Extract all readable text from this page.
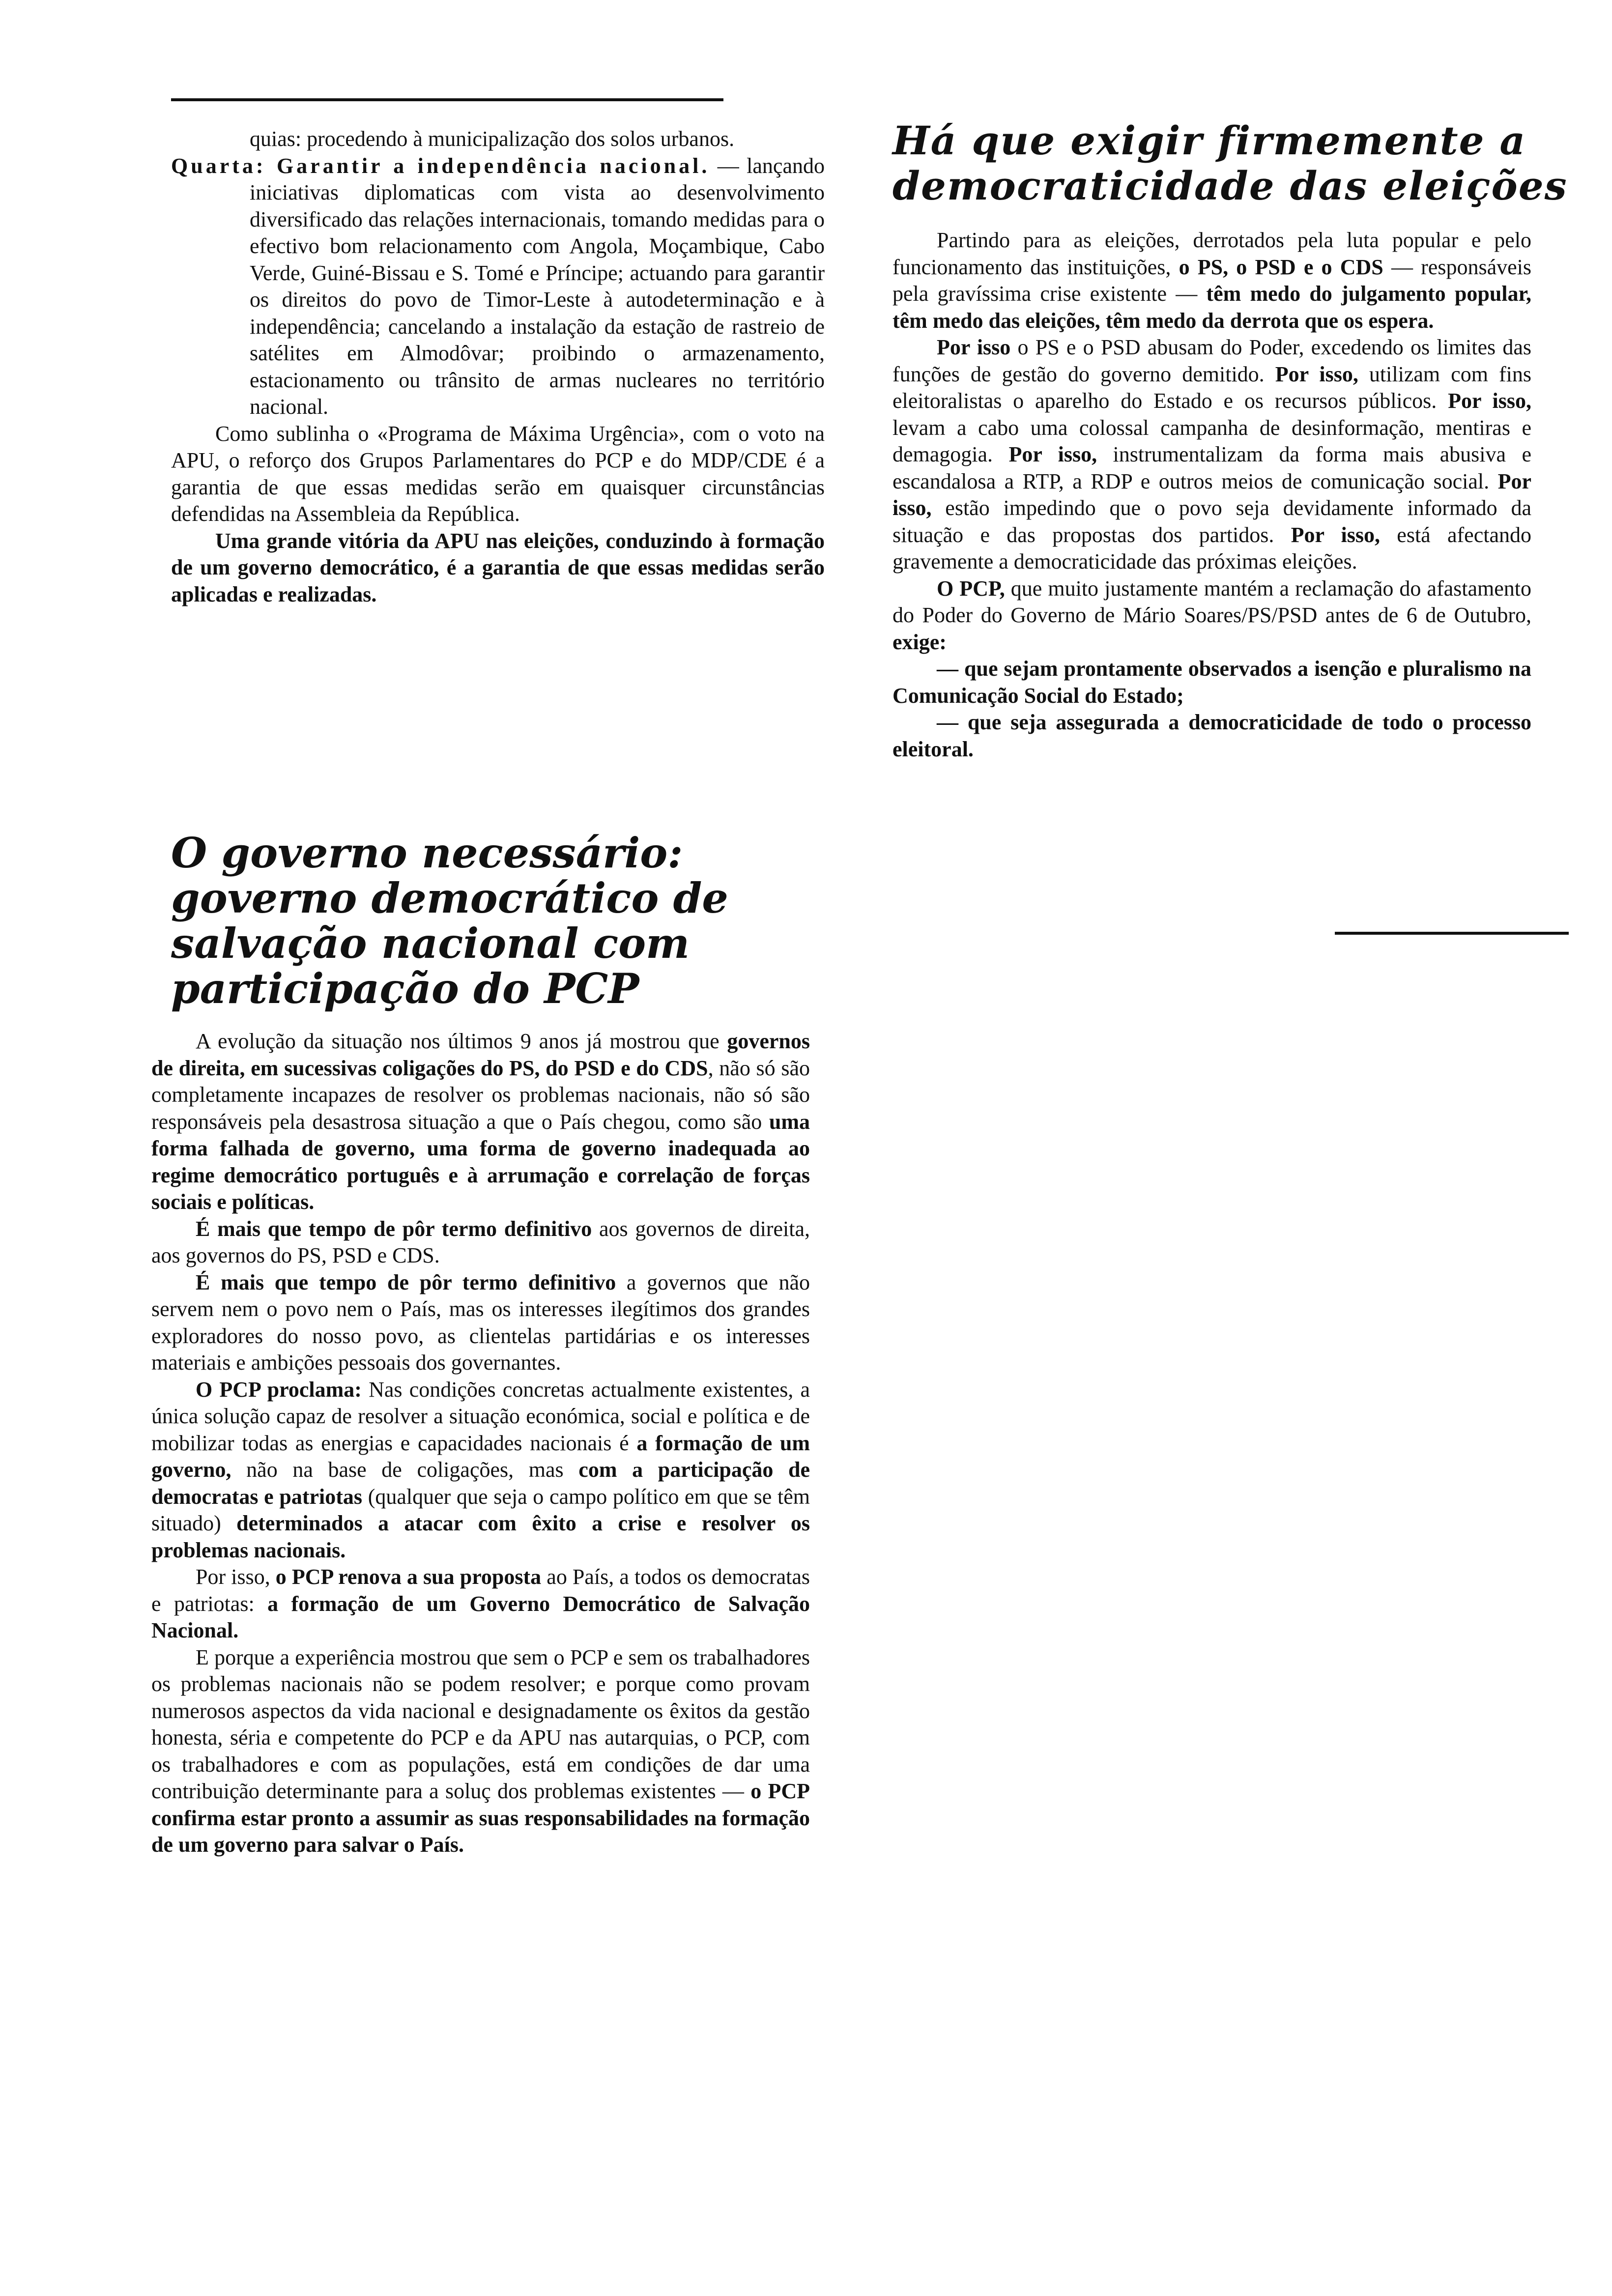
quias: procedendo à municipalização dos solos urbanos.

Quarta: Garantir a independência nacional. — lançando iniciativas diplomaticas com vista ao desenvolvimento diversificado das relações internacionais, tomando medidas para o efectivo bom relacionamento com Angola, Moçambique, Cabo Verde, Guiné-Bissau e S. Tomé e Príncipe; actuando para garantir os direitos do povo de Timor-Leste à autodeterminação e à independência; cancelando a instalação da estação de rastreio de satélites em Almodôvar; proibindo o armazenamento, estacionamento ou trânsito de armas nucleares no território nacional.

Como sublinha o «Programa de Máxima Urgência», com o voto na APU, o reforço dos Grupos Parlamentares do PCP e do MDP/CDE é a garantia de que essas medidas serão em quaisquer circunstâncias defendidas na Assembleia da República.

Uma grande vitória da APU nas eleições, conduzindo à formação de um governo democrático, é a garantia de que essas medidas serão aplicadas e realizadas.

O governo necessário: governo democrático de salvação nacional com participação do PCP

A evolução da situação nos últimos 9 anos já mostrou que governos de direita, em sucessivas coligações do PS, do PSD e do CDS, não só são completamente incapazes de resolver os problemas nacionais, não só são responsáveis pela desastrosa situação a que o País chegou, como são uma forma falhada de governo, uma forma de governo inadequada ao regime democrático português e à arrumação e correlação de forças sociais e políticas.

É mais que tempo de pôr termo definitivo aos governos de direita, aos governos do PS, PSD e CDS.

É mais que tempo de pôr termo definitivo a governos que não servem nem o povo nem o País, mas os interesses ilegítimos dos grandes exploradores do nosso povo, as clientelas partidárias e os interesses materiais e ambições pessoais dos governantes.

O PCP proclama: Nas condições concretas actualmente existentes, a única solução capaz de resolver a situação económica, social e política e de mobilizar todas as energias e capacidades nacionais é a formação de um governo, não na base de coligações, mas com a participação de democratas e patriotas (qualquer que seja o campo político em que se têm situado) determinados a atacar com êxito a crise e resolver os problemas nacionais.

Por isso, o PCP renova a sua proposta ao País, a todos os democratas e patriotas: a formação de um Governo Democrático de Salvação Nacional.

E porque a experiência mostrou que sem o PCP e sem os trabalhadores os problemas nacionais não se podem resolver; e porque como provam numerosos aspectos da vida nacional e designadamente os êxitos da gestão honesta, séria e competente do PCP e da APU nas autarquias, o PCP, com os trabalhadores e com as populações, está em condições de dar uma contribuição determinante para a soluç dos problemas existentes — o PCP confirma estar pronto a assumir as suas responsabilidades na formação de um governo para salvar o País.

Há que exigir firmemente a democraticidade das eleições

Partindo para as eleições, derrotados pela luta popular e pelo funcionamento das instituições, o PS, o PSD e o CDS — responsáveis pela gravíssima crise existente — têm medo do julgamento popular, têm medo das eleições, têm medo da derrota que os espera.

Por isso o PS e o PSD abusam do Poder, excedendo os limites das funções de gestão do governo demitido. Por isso, utilizam com fins eleitoralistas o aparelho do Estado e os recursos públicos. Por isso, levam a cabo uma colossal campanha de desinformação, mentiras e demagogia. Por isso, instrumentalizam da forma mais abusiva e escandalosa a RTP, a RDP e outros meios de comunicação social. Por isso, estão impedindo que o povo seja devidamente informado da situação e das propostas dos partidos. Por isso, está afectando gravemente a democraticidade das próximas eleições.

O PCP, que muito justamente mantém a reclamação do afastamento do Poder do Governo de Mário Soares/PS/PSD antes de 6 de Outubro, exige:

— que sejam prontamente observados a isenção e pluralismo na Comunicação Social do Estado;

— que seja assegurada a democraticidade de todo o processo eleitoral.
